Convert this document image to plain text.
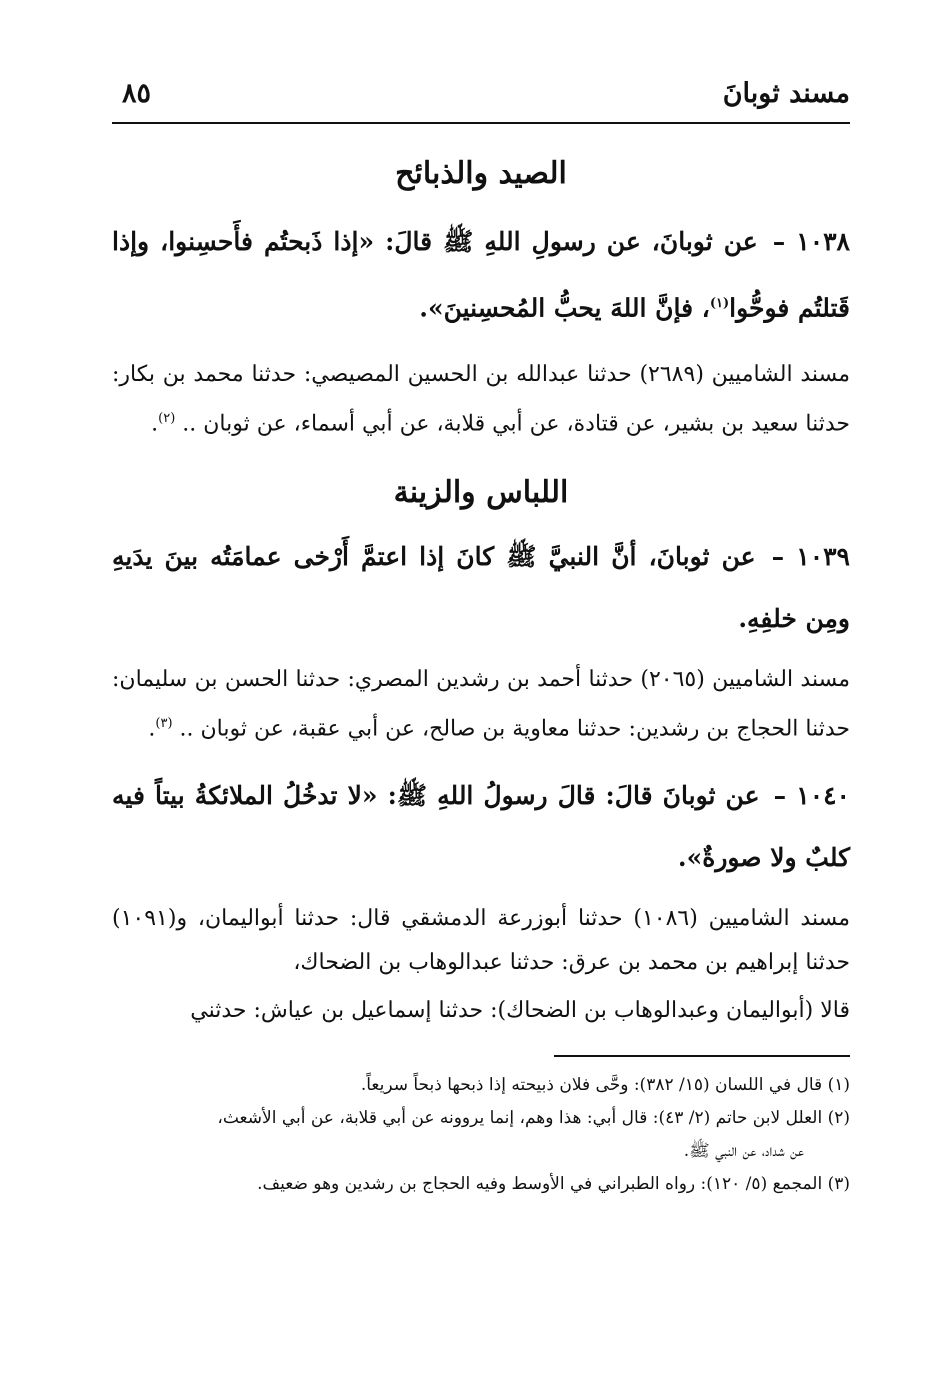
مسند ثوبانَ
٨٥
الصيد والذبائح

١٠٣٨ – عن ثوبانَ، عن رسولِ اللهِ ﷺ قالَ: «إذا ذَبحتُم فأَحسِنوا، وإذا قَتلتُم فوحُّوا$^{(١)}$، فإنَّ اللهَ يحبُّ المُحسِنينَ».

مسند الشاميين (٢٦٨٩) حدثنا عبدالله بن الحسين المصيصي: حدثنا محمد بن بكار: حدثنا سعيد بن بشير، عن قتادة، عن أبي قلابة، عن أبي أسماء، عن ثوبان .. $^{(٢)}$.

اللباس والزينة

١٠٣٩ – عن ثوبانَ، أنَّ النبيَّ ﷺ كانَ إذا اعتمَّ أَرْخى عمامَتُه بينَ يدَيهِ ومِن خلفِهِ.

مسند الشاميين (٢٠٦٥) حدثنا أحمد بن رشدين المصري: حدثنا الحسن بن سليمان: حدثنا الحجاج بن رشدين: حدثنا معاوية بن صالح، عن أبي عقبة، عن ثوبان .. $^{(٣)}$.

١٠٤٠ – عن ثوبانَ قالَ: قالَ رسولُ اللهِ ﷺ: «لا تدخُلُ الملائكةُ بيتاً فيه كلبٌ ولا صورةٌ».

مسند الشاميين (١٠٨٦) حدثنا أبوزرعة الدمشقي قال: حدثنا أبواليمان، و(١٠٩١) حدثنا إبراهيم بن محمد بن عرق: حدثنا عبدالوهاب بن الضحاك،

قالا (أبواليمان وعبدالوهاب بن الضحاك): حدثنا إسماعيل بن عياش: حدثني

(١) قال في اللسان (١٥/ ٣٨٢): وحَّى فلان ذبيحته إذا ذبحها ذبحاً سريعاً.
(٢) العلل لابن حاتم (٢/ ٤٣): قال أبي: هذا وهم، إنما يروونه عن أبي قلابة، عن أبي الأشعث،
عن شداد، عن النبي ﷺ.
(٣) المجمع (٥/ ١٢٠): رواه الطبراني في الأوسط وفيه الحجاج بن رشدين وهو ضعيف.
